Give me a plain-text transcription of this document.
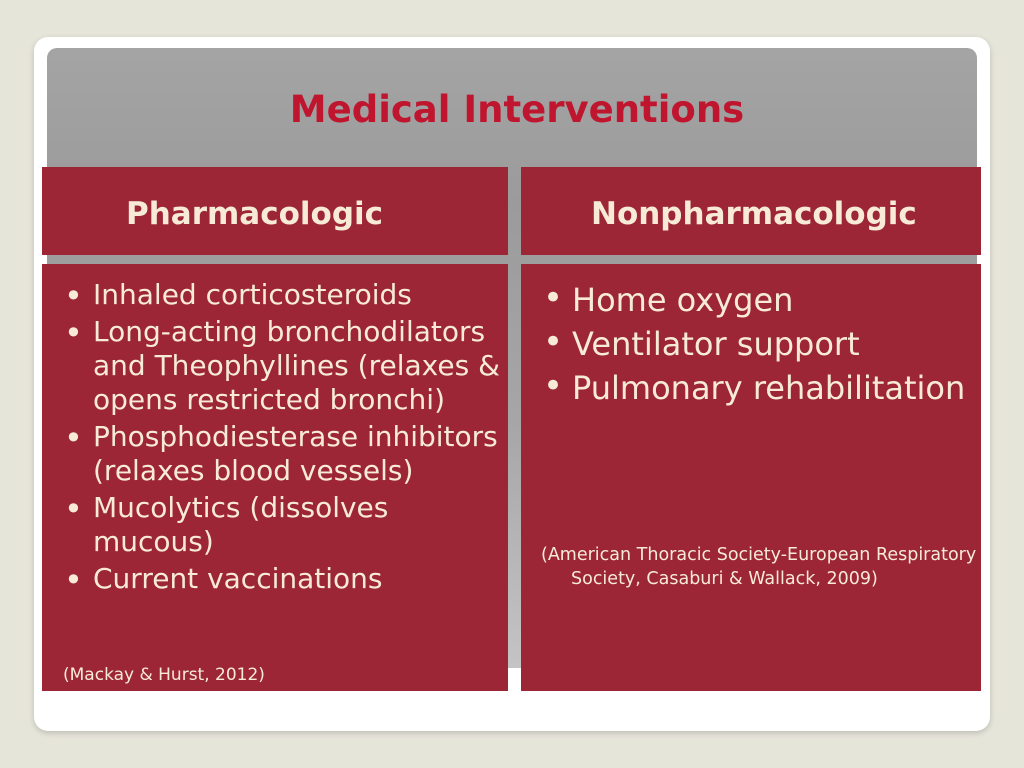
Medical Interventions
Pharmacologic	Nonpharmacologic
• Inhaled corticosteroids
• Long-acting bronchodilators and Theophyllines (relaxes & opens restricted bronchi)
• Phosphodiesterase inhibitors (relaxes blood vessels)
• Mucolytics (dissolves mucous)
• Current vaccinations
(Mackay & Hurst, 2012)
• Home oxygen
• Ventilator support
• Pulmonary rehabilitation
(American Thoracic Society-European Respiratory Society, Casaburi & Wallack, 2009)
